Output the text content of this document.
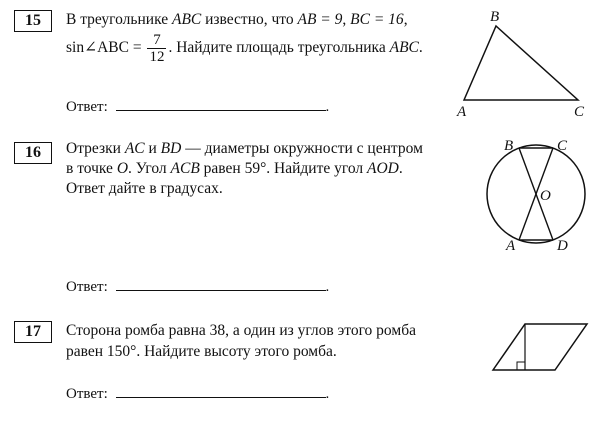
15	В треугольнике ABC известно, что AB = 9, BC = 16,
sin∠ABC = $\frac{7}{12}$ . Найдите площадь треугольника ABC.
Ответ:	.
B
A	C
16	Отрезки AC и BD — диаметры окружности с центром
в точке O. Угол ACB равен 59°. Найдите угол AOD.
Ответ дайте в градусах.
Ответ:	.
B	C
O
A	D
17	Сторона ромба равна 38, а один из углов этого ромба
равен 150°. Найдите высоту этого ромба.
Ответ:	.
